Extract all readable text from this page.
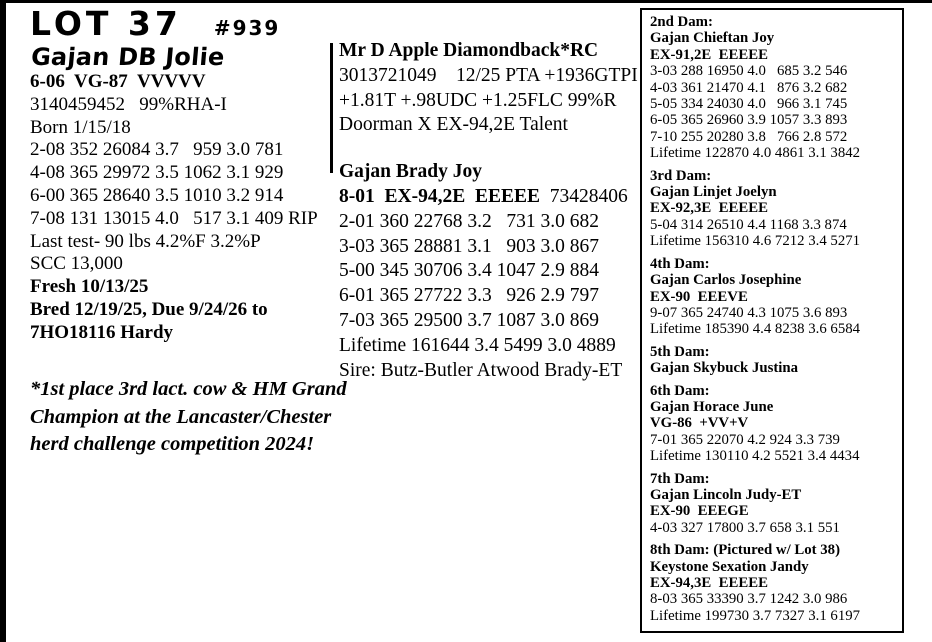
LOT 37 #939
Gajan DB Jolie
6-06  VG-87  VVVVV
3140459452   99%RHA-I
Born 1/15/18
2-08 352 26084 3.7   959 3.0 781
4-08 365 29972 3.5 1062 3.1 929
6-00 365 28640 3.5 1010 3.2 914
7-08 131 13015 4.0   517 3.1 409 RIP
Last test- 90 lbs 4.2%F 3.2%P
SCC 13,000
Fresh 10/13/25
Bred 12/19/25, Due 9/24/26 to
7HO18116 Hardy
*1st place 3rd lact. cow & HM Grand
Champion at the Lancaster/Chester
herd challenge competition 2024!
Mr D Apple Diamondback*RC
3013721049    12/25 PTA +1936GTPI
+1.81T +.98UDC +1.25FLC 99%R
Doorman X EX-94,2E Talent
Gajan Brady Joy
8-01  EX-94,2E  EEEEE  73428406
2-01 360 22768 3.2   731 3.0 682
3-03 365 28881 3.1   903 3.0 867
5-00 345 30706 3.4 1047 2.9 884
6-01 365 27722 3.3   926 2.9 797
7-03 365 29500 3.7 1087 3.0 869
Lifetime 161644 3.4 5499 3.0 4889
Sire: Butz-Butler Atwood Brady-ET
2nd Dam:
Gajan Chieftan Joy
EX-91,2E  EEEEE
3-03 288 16950 4.0   685 3.2 546
4-03 361 21470 4.1   876 3.2 682
5-05 334 24030 4.0   966 3.1 745
6-05 365 26960 3.9 1057 3.3 893
7-10 255 20280 3.8   766 2.8 572
Lifetime 122870 4.0 4861 3.1 3842
3rd Dam:
Gajan Linjet Joelyn
EX-92,3E  EEEEE
5-04 314 26510 4.4 1168 3.3 874
Lifetime 156310 4.6 7212 3.4 5271
4th Dam:
Gajan Carlos Josephine
EX-90  EEEVE
9-07 365 24740 4.3 1075 3.6 893
Lifetime 185390 4.4 8238 3.6 6584
5th Dam:
Gajan Skybuck Justina
6th Dam:
Gajan Horace June
VG-86  +VV+V
7-01 365 22070 4.2 924 3.3 739
Lifetime 130110 4.2 5521 3.4 4434
7th Dam:
Gajan Lincoln Judy-ET
EX-90  EEEGE
4-03 327 17800 3.7 658 3.1 551
8th Dam: (Pictured w/ Lot 38)
Keystone Sexation Jandy
EX-94,3E  EEEEE
8-03 365 33390 3.7 1242 3.0 986
Lifetime 199730 3.7 7327 3.1 6197
